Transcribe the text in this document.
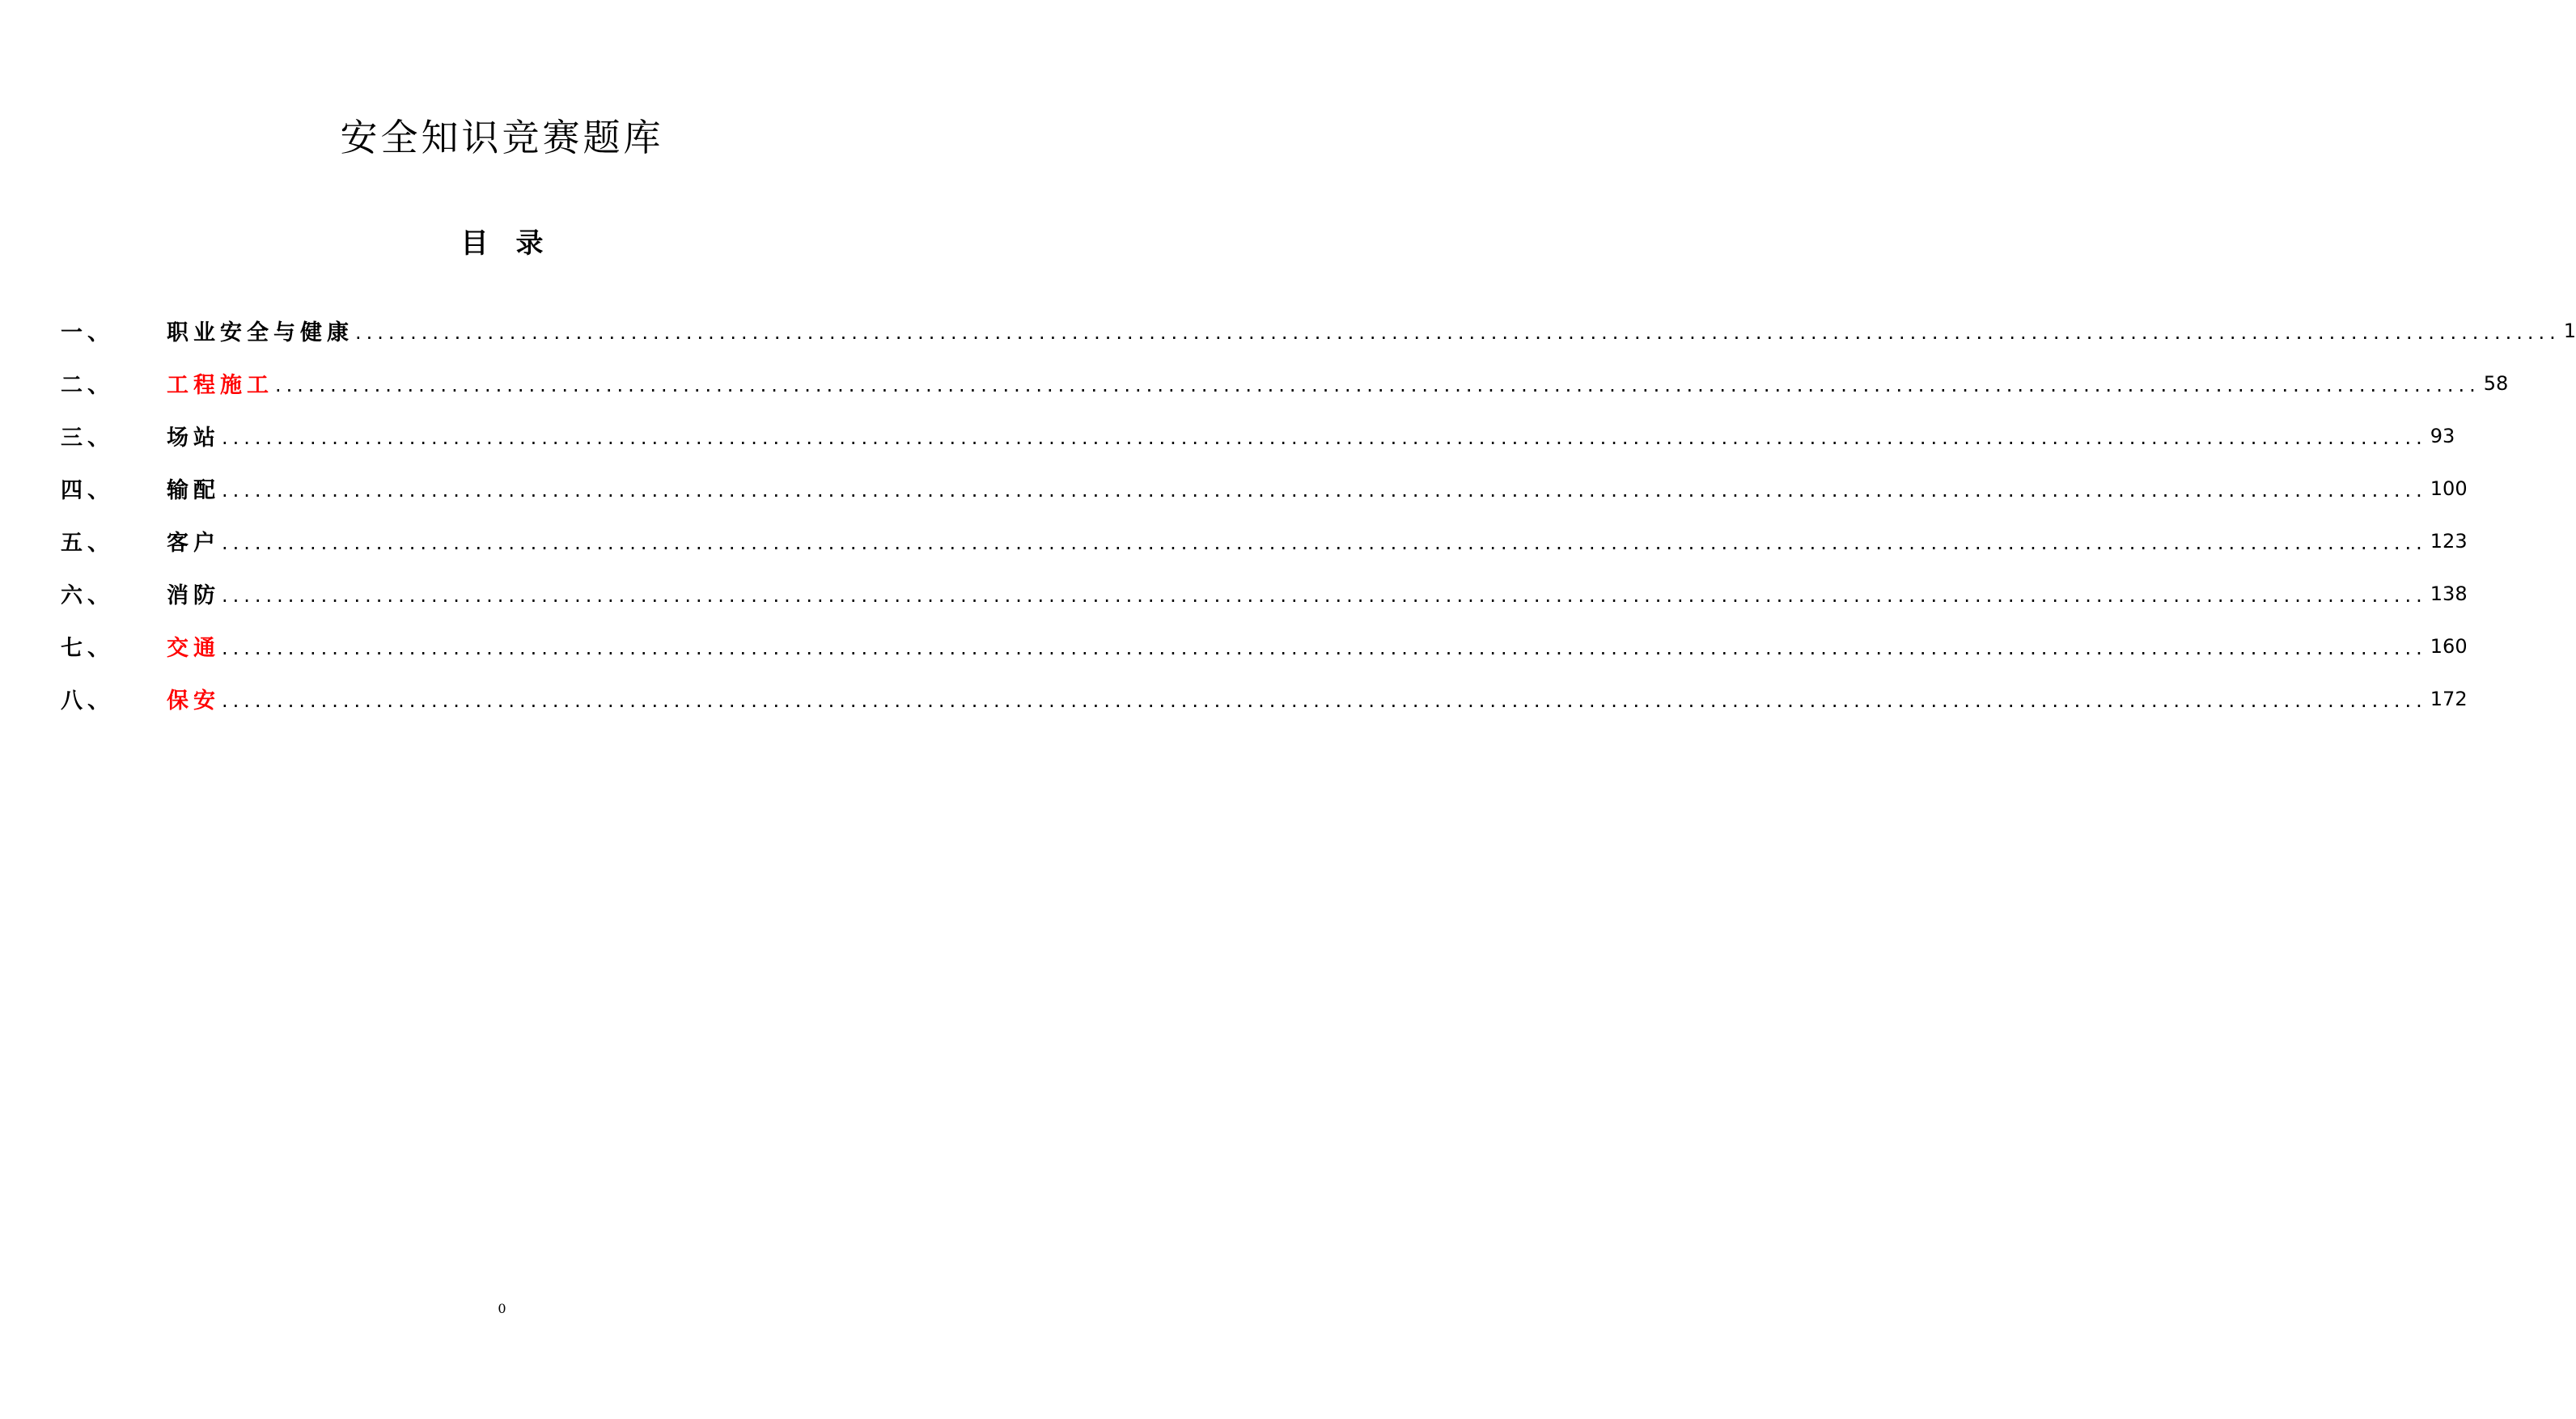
安全知识竞赛题库
目 录
一、	职业安全与健康 ........................................................................................................................................................................................................ 1
二、	工程施工 ........................................................................................................................................................................................................ 58
三、	场站 ........................................................................................................................................................................................................ 93
四、	输配 ........................................................................................................................................................................................................ 100
五、	客户 ........................................................................................................................................................................................................ 123
六、	消防 ........................................................................................................................................................................................................ 138
七、	交通 ........................................................................................................................................................................................................ 160
八、	保安 ........................................................................................................................................................................................................ 172
0
